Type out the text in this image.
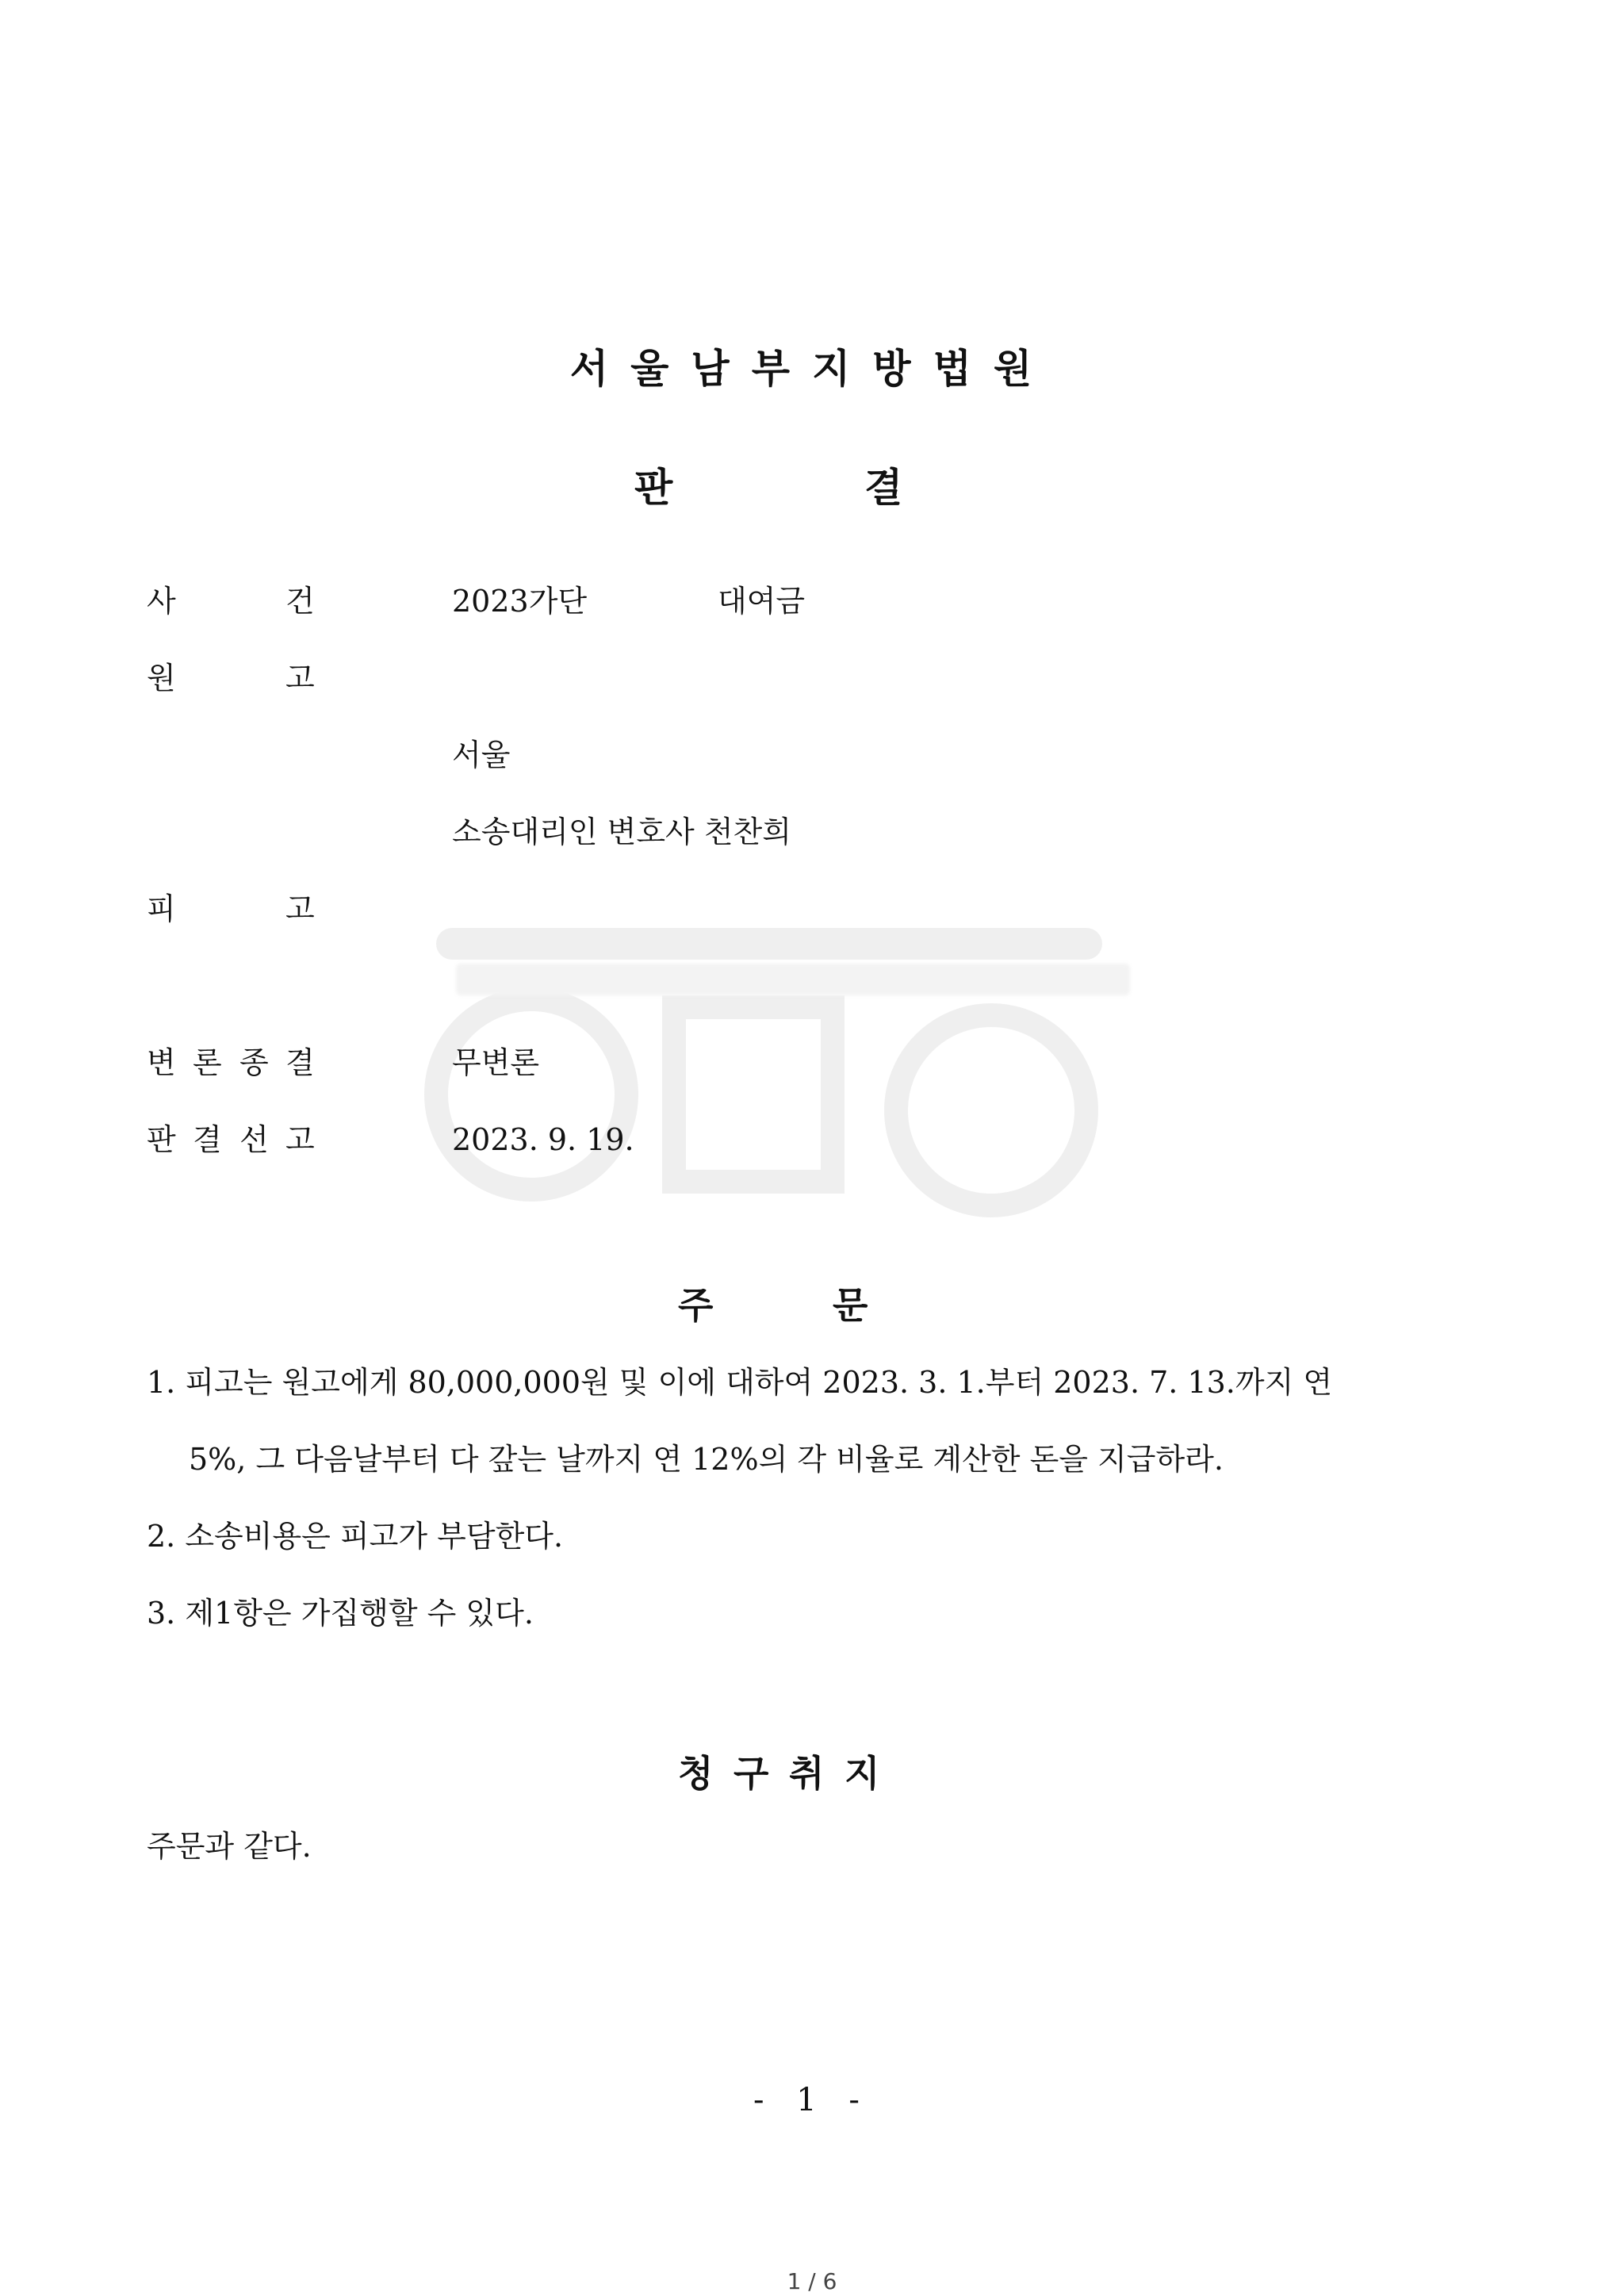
서울남부지방법원
판	결
사	건	2023가단	대여금
원	고
서울
소송대리인 변호사 천찬희
피	고
변 론 종 결	무변론
판 결 선 고	2023. 9. 19.
주	문
1. 피고는 원고에게 80,000,000원 및 이에 대하여 2023. 3. 1.부터 2023. 7. 13.까지 연
5%, 그 다음날부터 다 갚는 날까지 연 12%의 각 비율로 계산한 돈을 지급하라.
2. 소송비용은 피고가 부담한다.
3. 제1항은 가집행할 수 있다.
청 구 취 지
주문과 같다.
- 1 -
1 / 6
